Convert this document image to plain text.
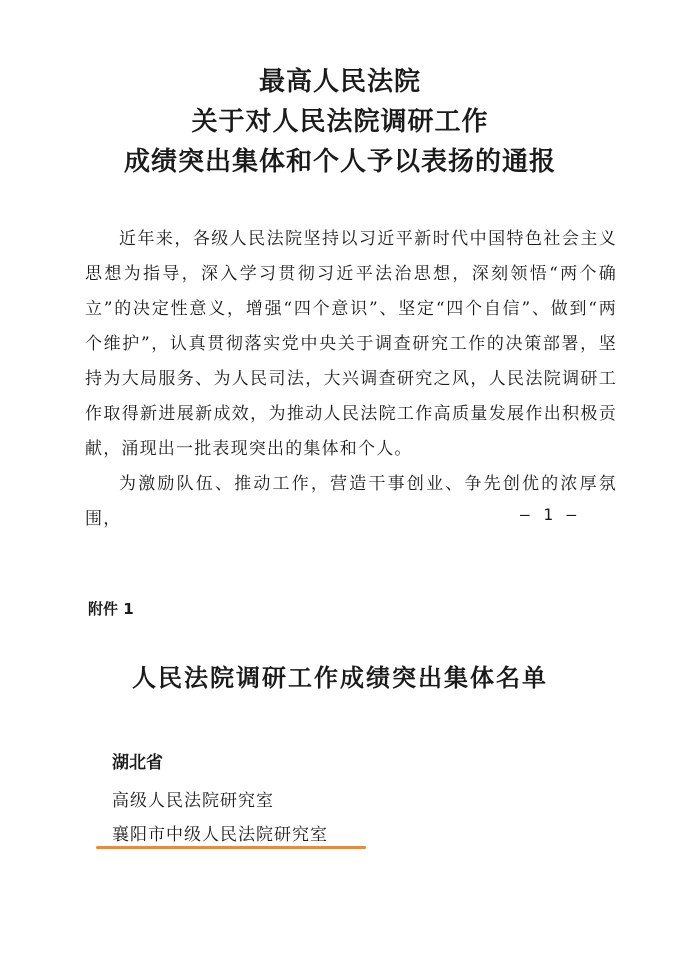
最高人民法院
关于对人民法院调研工作
成绩突出集体和个人予以表扬的通报

近年来，各级人民法院坚持以习近平新时代中国特色社会主义思想为指导，深入学习贯彻习近平法治思想，深刻领悟“两个确立”的决定性意义，增强“四个意识”、坚定“四个自信”、做到“两个维护”，认真贯彻落实党中央关于调查研究工作的决策部署，坚持为大局服务、为人民司法，大兴调查研究之风，人民法院调研工作取得新进展新成效，为推动人民法院工作高质量发展作出积极贡献，涌现出一批表现突出的集体和个人。

为激励队伍、推动工作，营造干事创业、争先创优的浓厚氛围，	— 1 —
附件 1
人民法院调研工作成绩突出集体名单
湖北省
高级人民法院研究室
襄阳市中级人民法院研究室
